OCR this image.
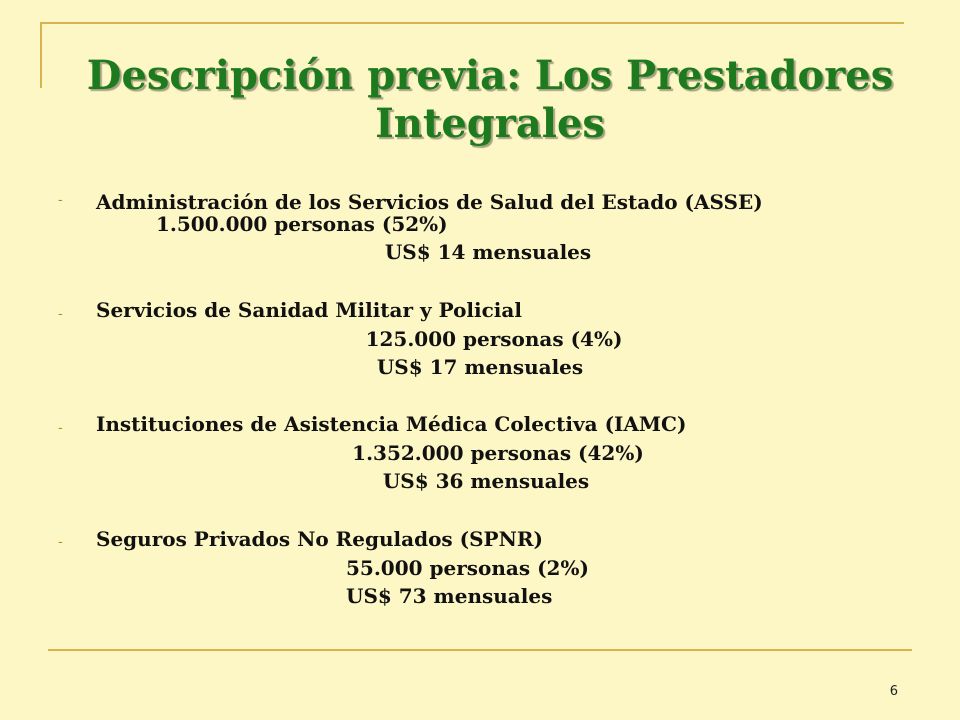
Descripción previa: Los Prestadores
Integrales
- Administración de los Servicios de Salud del Estado (ASSE)
1.500.000 personas (52%)
US$ 14 mensuales
- Servicios de Sanidad Militar y Policial
125.000 personas (4%)
US$ 17 mensuales
- Instituciones de Asistencia Médica Colectiva (IAMC)
1.352.000 personas (42%)
US$ 36 mensuales
- Seguros Privados No Regulados (SPNR)
55.000 personas (2%)
US$ 73 mensuales
6
